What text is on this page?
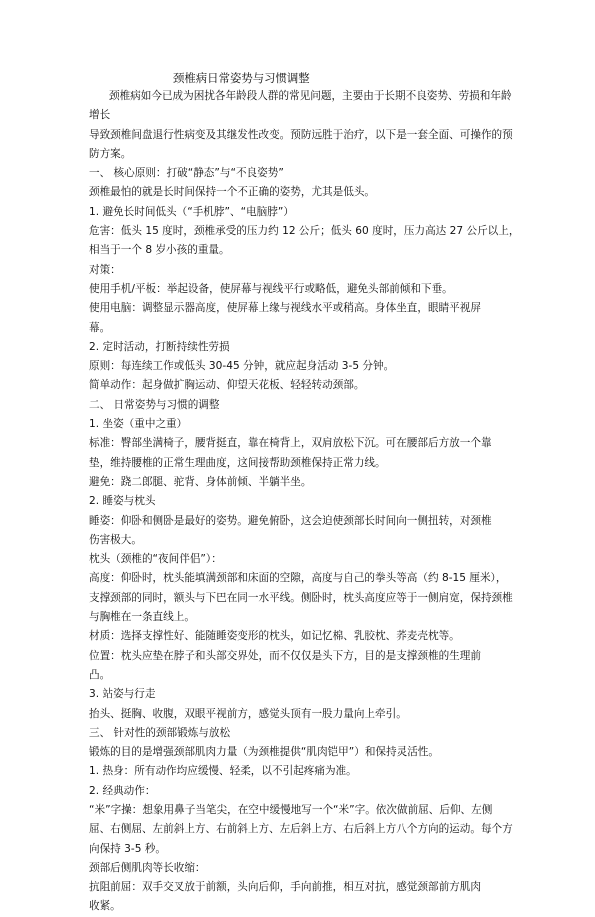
颈椎病日常姿势与习惯调整
颈椎病如今已成为困扰各年龄段人群的常见问题，主要由于长期不良姿势、劳损和年龄
增长
导致颈椎间盘退行性病变及其继发性改变。预防远胜于治疗，以下是一套全面、可操作的预
防方案。
一、 核心原则：打破“静态”与“不良姿势”
颈椎最怕的就是长时间保持一个不正确的姿势，尤其是低头。
1. 避免长时间低头（“手机脖”、“电脑脖”）
危害：低头 15 度时，颈椎承受的压力约 12 公斤；低头 60 度时，压力高达 27 公斤以上，
相当于一个 8 岁小孩的重量。
对策：
使用手机/平板：举起设备，使屏幕与视线平行或略低，避免头部前倾和下垂。
使用电脑：调整显示器高度，使屏幕上缘与视线水平或稍高。身体坐直，眼睛平视屏
幕。
2. 定时活动，打断持续性劳损
原则：每连续工作或低头 30-45 分钟，就应起身活动 3-5 分钟。
简单动作：起身做扩胸运动、仰望天花板、轻轻转动颈部。
二、 日常姿势与习惯的调整
1. 坐姿（重中之重）
标准：臀部坐满椅子，腰背挺直，靠在椅背上，双肩放松下沉。可在腰部后方放一个靠
垫，维持腰椎的正常生理曲度，这间接帮助颈椎保持正常力线。
避免：跷二郎腿、驼背、身体前倾、半躺半坐。
2. 睡姿与枕头
睡姿：仰卧和侧卧是最好的姿势。避免俯卧，这会迫使颈部长时间向一侧扭转，对颈椎
伤害极大。
枕头（颈椎的“夜间伴侣”）：
高度：仰卧时，枕头能填满颈部和床面的空隙，高度与自己的拳头等高（约 8-15 厘米），
支撑颈部的同时，额头与下巴在同一水平线。侧卧时，枕头高度应等于一侧肩宽，保持颈椎
与胸椎在一条直线上。
材质：选择支撑性好、能随睡姿变形的枕头，如记忆棉、乳胶枕、荞麦壳枕等。
位置：枕头应垫在脖子和头部交界处，而不仅仅是头下方，目的是支撑颈椎的生理前
凸。
3. 站姿与行走
抬头、挺胸、收腹，双眼平视前方，感觉头顶有一股力量向上牵引。
三、 针对性的颈部锻炼与放松
锻炼的目的是增强颈部肌肉力量（为颈椎提供“肌肉铠甲”）和保持灵活性。
1. 热身：所有动作均应缓慢、轻柔，以不引起疼痛为准。
2. 经典动作：
“米”字操：想象用鼻子当笔尖，在空中缓慢地写一个“米”字。依次做前屈、后仰、左侧
屈、右侧屈、左前斜上方、右前斜上方、左后斜上方、右后斜上方八个方向的运动。每个方
向保持 3-5 秒。
颈部后侧肌肉等长收缩：
抗阻前屈：双手交叉放于前额，头向后仰，手向前推，相互对抗，感觉颈部前方肌肉
收紧。
